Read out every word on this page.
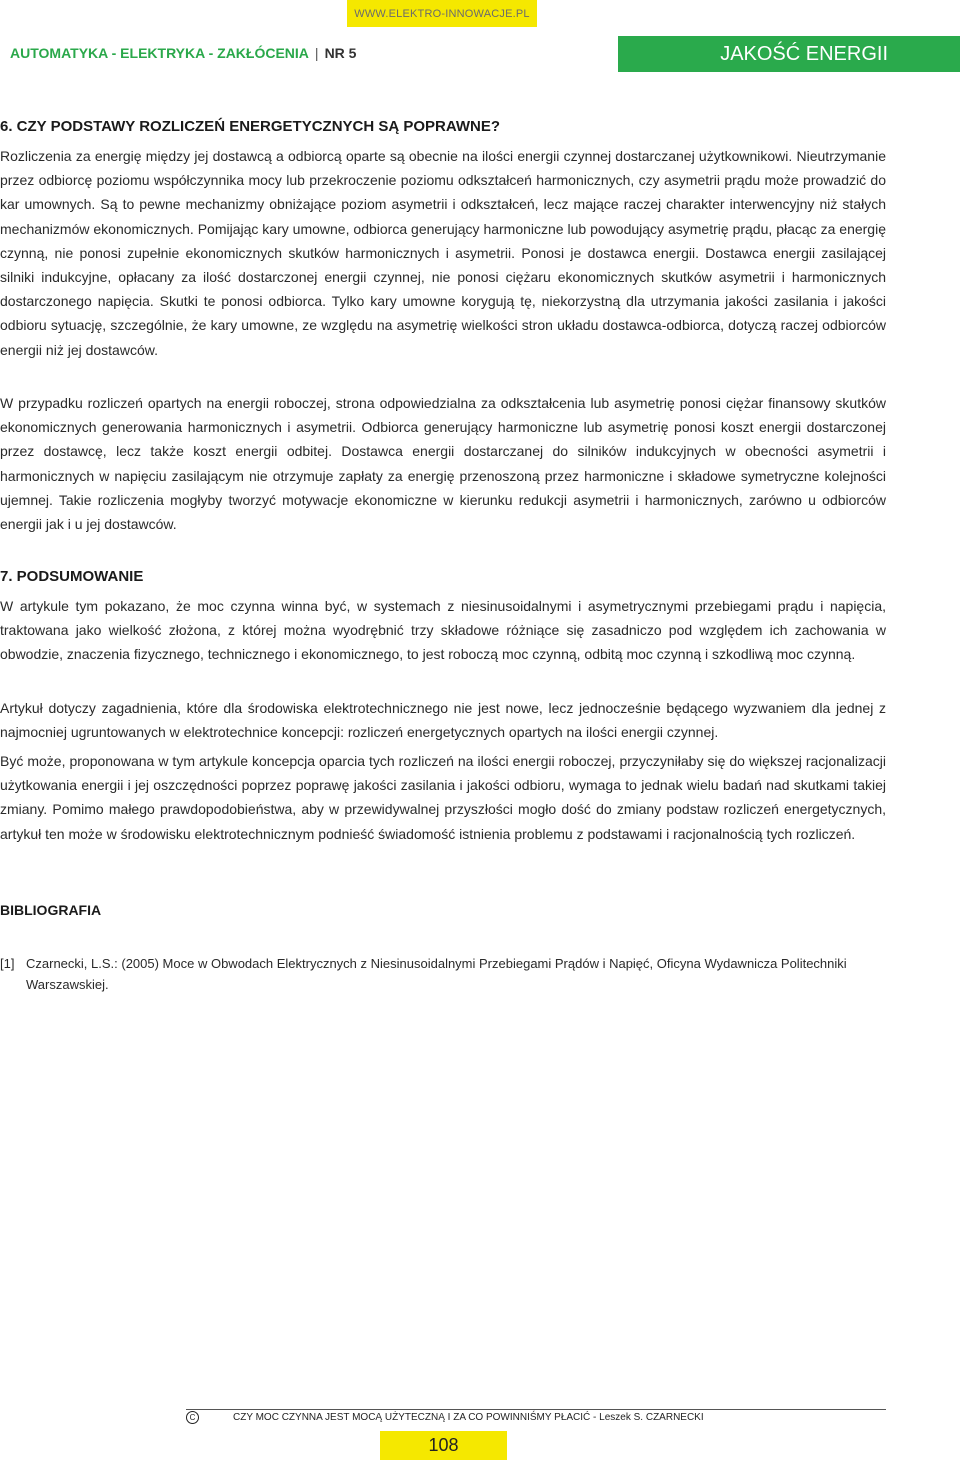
WWW.ELEKTRO-INNOWACJE.PL
AUTOMATYKA - ELEKTRYKA - ZAKŁÓCENIA | NR 5	JAKOŚĆ ENERGII
6. CZY PODSTAWY ROZLICZEŃ ENERGETYCZNYCH SĄ POPRAWNE?

Rozliczenia za energię między jej dostawcą a odbiorcą oparte są obecnie na ilości energii czynnej dostarczanej użytkownikowi. Nieutrzymanie przez odbiorcę poziomu współczynnika mocy lub przekroczenie poziomu odkształceń harmonicznych, czy asymetrii prądu może prowadzić do kar umownych. Są to pewne mechanizmy obniżające poziom asymetrii i odkształceń, lecz mające raczej charakter interwencyjny niż stałych mechanizmów ekonomicznych. Pomijając kary umowne, odbiorca generujący harmoniczne lub powodujący asymetrię prądu, płacąc za energię czynną, nie ponosi zupełnie ekonomicznych skutków harmonicznych i asymetrii. Ponosi je dostawca energii. Dostawca energii zasilającej silniki indukcyjne, opłacany za ilość dostarczonej energii czynnej, nie ponosi ciężaru ekonomicznych skutków asymetrii i harmonicznych dostarczonego napięcia. Skutki te ponosi odbiorca. Tylko kary umowne korygują tę, niekorzystną dla utrzymania jakości zasilania i jakości odbioru sytuację, szczególnie, że kary umowne, ze względu na asymetrię wielkości stron układu dostawca-odbiorca, dotyczą raczej odbiorców energii niż jej dostawców.

W przypadku rozliczeń opartych na energii roboczej, strona odpowiedzialna za odkształcenia lub asymetrię ponosi ciężar finansowy skutków ekonomicznych generowania harmonicznych i asymetrii. Odbiorca generujący harmoniczne lub asymetrię ponosi koszt energii dostarczonej przez dostawcę, lecz także koszt energii odbitej. Dostawca energii dostarczanej do silników indukcyjnych w obecności asymetrii i harmonicznych w napięciu zasilającym nie otrzymuje zapłaty za energię przenoszoną przez harmoniczne i składowe symetryczne kolejności ujemnej. Takie rozliczenia mogłyby tworzyć motywacje ekonomiczne w kierunku redukcji asymetrii i harmonicznych, zarówno u odbiorców energii jak i u jej dostawców.

7. PODSUMOWANIE

W artykule tym pokazano, że moc czynna winna być, w systemach z niesinusoidalnymi i asymetrycznymi przebiegami prądu i napięcia, traktowana jako wielkość złożona, z której można wyodrębnić trzy składowe różniące się zasadniczo pod względem ich zachowania w obwodzie, znaczenia fizycznego, technicznego i ekonomicznego, to jest roboczą moc czynną, odbitą moc czynną i szkodliwą moc czynną.

Artykuł dotyczy zagadnienia, które dla środowiska elektrotechnicznego nie jest nowe, lecz jednocześnie będącego wyzwaniem dla jednej z najmocniej ugruntowanych w elektrotechnice koncepcji: rozliczeń energetycznych opartych na ilości energii czynnej.

Być może, proponowana w tym artykule koncepcja oparcia tych rozliczeń na ilości energii roboczej, przyczyniłaby się do większej racjonalizacji użytkowania energii i jej oszczędności poprzez poprawę jakości zasilania i jakości odbioru, wymaga to jednak wielu badań nad skutkami takiej zmiany. Pomimo małego prawdopodobieństwa, aby w przewidywalnej przyszłości mogło dość do zmiany podstaw rozliczeń energetycznych, artykuł ten może w środowisku elektrotechnicznym podnieść świadomość istnienia problemu z podstawami i racjonalnością tych rozliczeń.

BIBLIOGRAFIA
[1] Czarnecki, L.S.: (2005) Moce w Obwodach Elektrycznych z Niesinusoidalnymi Przebiegami Prądów i Napięć, Oficyna Wydawnicza Politechniki Warszawskiej.
C	CZY MOC CZYNNA JEST MOCĄ UŻYTECZNĄ I ZA CO POWINNIŚMY PŁACIĆ - Leszek S. CZARNECKI
108
